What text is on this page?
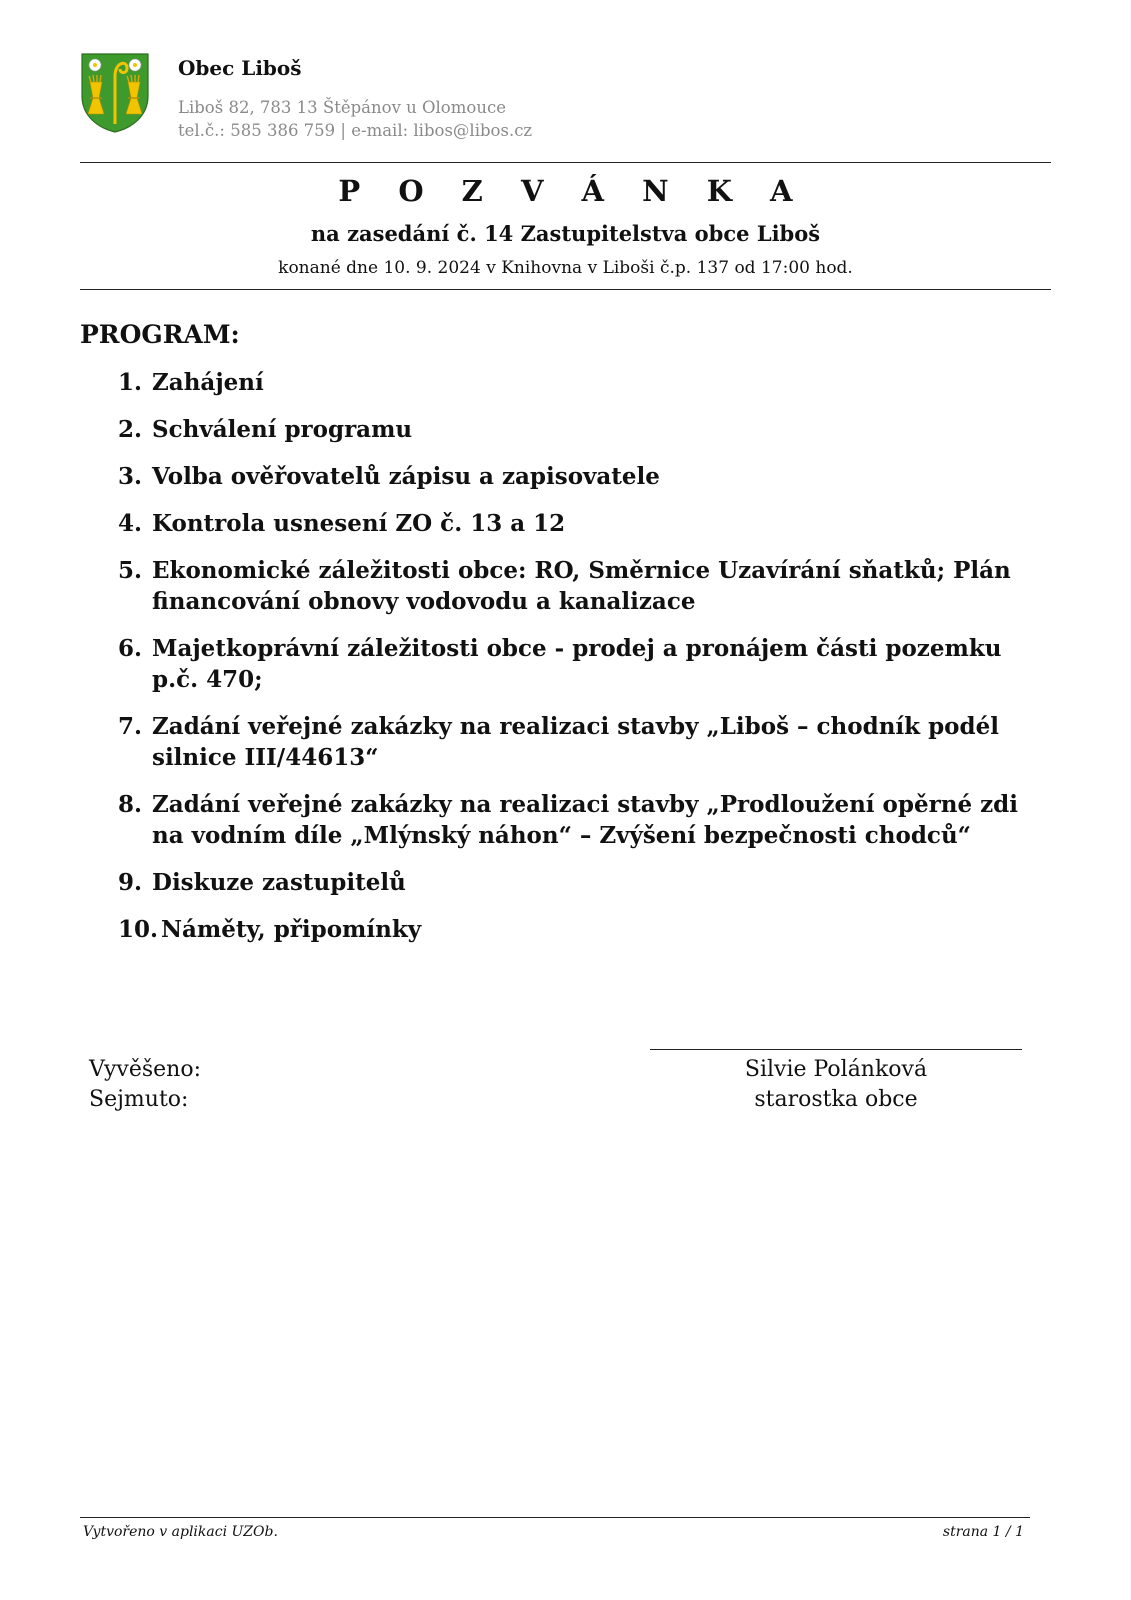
Obec Liboš
Liboš 82, 783 13 Štěpánov u Olomouce
tel.č.: 585 386 759 | e-mail: libos@libos.cz
P O Z V Á N K A
na zasedání č. 14 Zastupitelstva obce Liboš
konané dne 10. 9. 2024 v Knihovna v Liboši č.p. 137 od 17:00 hod.
PROGRAM:
1. Zahájení
2. Schválení programu
3. Volba ověřovatelů zápisu a zapisovatele
4. Kontrola usnesení ZO č. 13 a 12
5. Ekonomické záležitosti obce: RO, Směrnice Uzavírání sňatků; Plán financování obnovy vodovodu a kanalizace
6. Majetkoprávní záležitosti obce - prodej a pronájem části pozemku p.č. 470;
7. Zadání veřejné zakázky na realizaci stavby „Liboš – chodník podél silnice III/44613“
8. Zadání veřejné zakázky na realizaci stavby „Prodloužení opěrné zdi na vodním díle „Mlýnský náhon“ – Zvýšení bezpečnosti chodců“
9. Diskuze zastupitelů
10. Náměty, připomínky
Vyvěšeno:
Sejmuto:
Silvie Polánková
starostka obce
Vytvořeno v aplikaci UZOb.	strana 1 / 1
